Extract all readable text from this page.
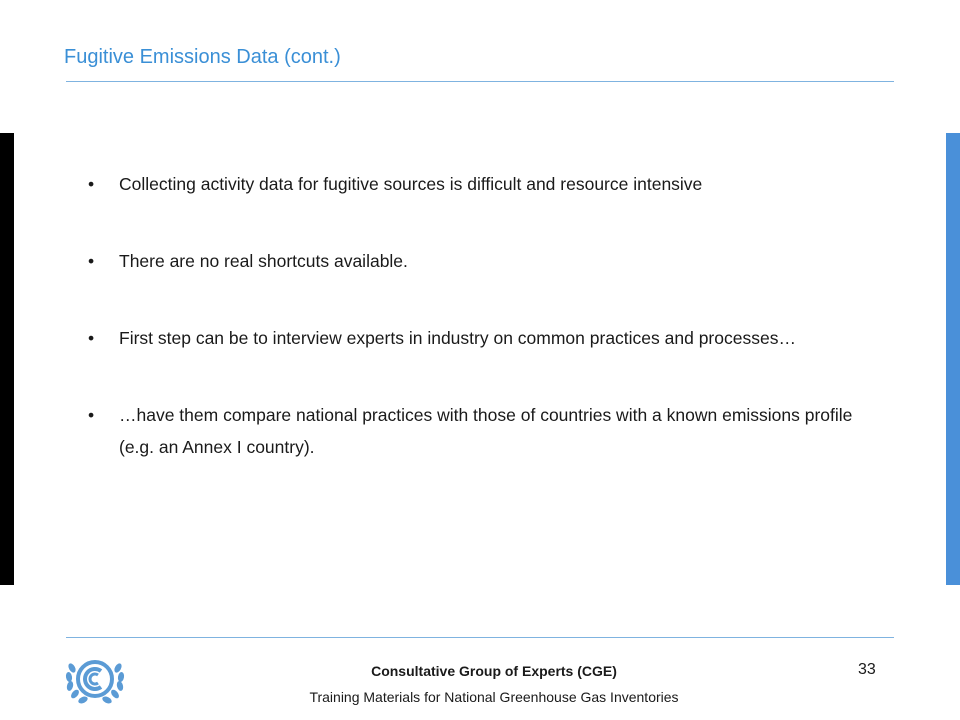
Fugitive Emissions Data (cont.)
• Collecting activity data for fugitive sources is difficult and resource intensive
• There are no real shortcuts available.
• First step can be to interview experts in industry on common practices and processes…
• …have them compare national practices with those of countries with a known emissions profile (e.g. an Annex I country).
Consultative Group of Experts (CGE)
Training Materials for National Greenhouse Gas Inventories
33
